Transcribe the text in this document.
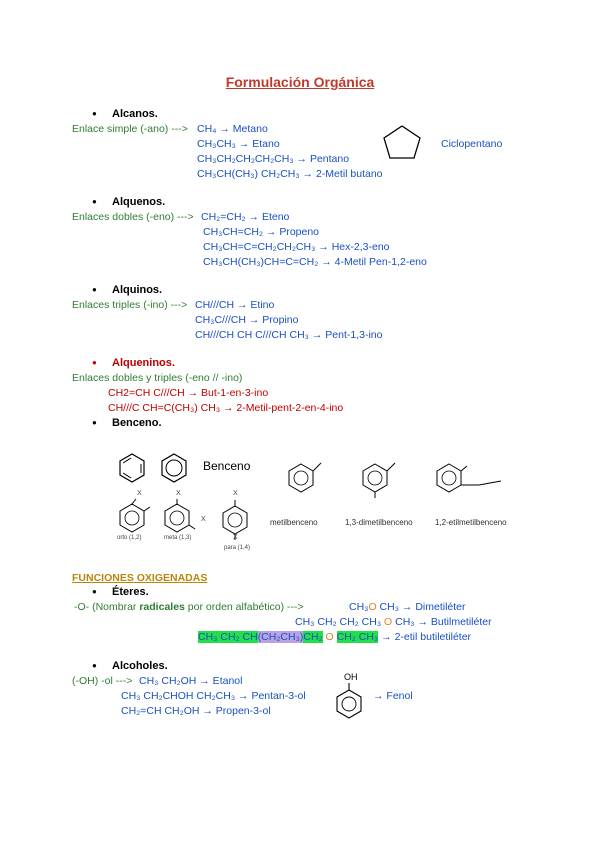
Formulación Orgánica
● Alcanos.
Enlace simple (-ano) ---> CH₄ → Metano
CH₃CH₃ → Etano
CH₃CH₂CH₂CH₂CH₃ → Pentano
CH₃CH(CH₃) CH₂CH₃ → 2-Metil butano
Ciclopentano
● Alquenos.
Enlaces dobles (-eno) ---> CH₂=CH₂ → Eteno
CH₃CH=CH₂ → Propeno
CH₃CH=C=CH₂CH₂CH₃ → Hex-2,3-eno
CH₃CH(CH₃)CH=C=CH₂ → 4-Metil Pen-1,2-eno
● Alquinos.
Enlaces triples (-ino) ---> CH///CH → Etino
CH₃C///CH → Propino
CH///CH CH C///CH CH₃ → Pent-1,3-ino
● Alqueninos.
Enlaces dobles y triples (-eno // -ino)
CH2=CH C///CH → But-1-en-3-ino
CH///C CH=C(CH₃) CH₃ → 2-Metil-pent-2-en-4-ino
● Benceno.
Benceno
X	X	X
X
X
orto (1,2)	meta (1,3)
para (1,4)
metilbenceno	1,3-dimetilbenceno	1,2-etilmetilbenceno
FUNCIONES OXIGENADAS
● Éteres.
-O- (Nombrar radicales por orden alfabético) --->	CH₃O CH₃ → Dimetiléter
CH₃ CH₂ CH₂ CH₃ O CH₃ → Butilmetiléter
CH₃ CH₂ CH(CH₂CH₃)CH₂ O CH₂ CH₃ → 2-etil butiletiléter
● Alcoholes.
(-OH) -ol ---> CH₃ CH₂OH → Etanol
CH₃ CH₂CHOH CH₂CH₃ → Pentan-3-ol
CH₂=CH CH₂OH → Propen-3-ol
OH
→ Fenol
